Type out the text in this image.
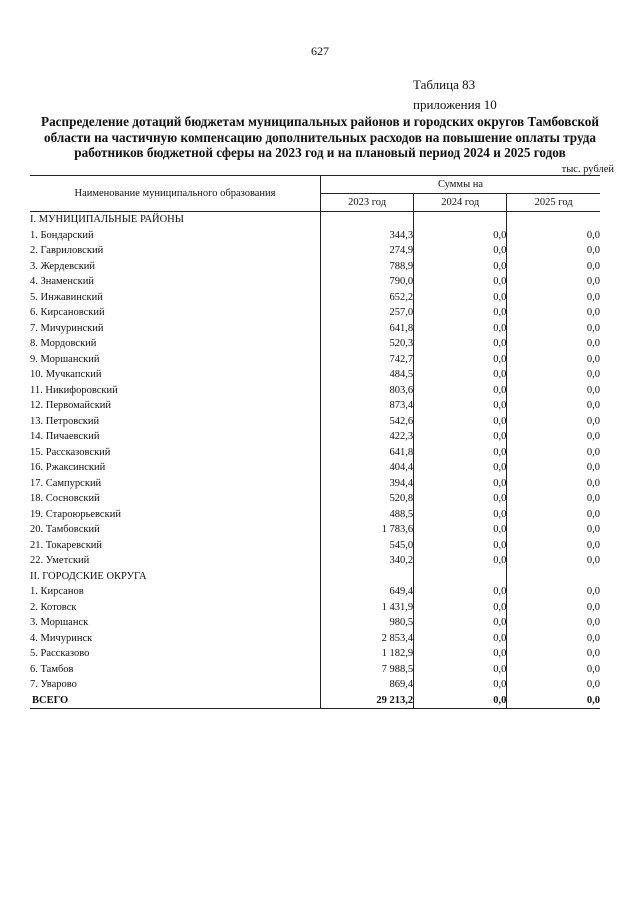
627
Таблица 83
приложения 10
Распределение дотаций бюджетам муниципальных районов и городских округов Тамбовской области на частичную компенсацию дополнительных расходов на повышение оплаты труда работников бюджетной сферы на 2023 год и на плановый период 2024 и 2025 годов
тыс. рублей
Наименование муниципального образования	Суммы на		
	2023 год	2024 год	2025 год
I. МУНИЦИПАЛЬНЫЕ РАЙОНЫ			
1. Бондарский	344,3	0,0	0,0
2. Гавриловский	274,9	0,0	0,0
3. Жердевский	788,9	0,0	0,0
4. Знаменский	790,0	0,0	0,0
5. Инжавинский	652,2	0,0	0,0
6. Кирсановский	257,0	0,0	0,0
7. Мичуринский	641,8	0,0	0,0
8. Мордовский	520,3	0,0	0,0
9. Моршанский	742,7	0,0	0,0
10. Мучкапский	484,5	0,0	0,0
11. Никифоровский	803,6	0,0	0,0
12. Первомайский	873,4	0,0	0,0
13. Петровский	542,6	0,0	0,0
14. Пичаевский	422,3	0,0	0,0
15. Рассказовский	641,8	0,0	0,0
16. Ржаксинский	404,4	0,0	0,0
17. Сампурский	394,4	0,0	0,0
18. Сосновский	520,8	0,0	0,0
19. Староюрьевский	488,5	0,0	0,0
20. Тамбовский	1 783,6	0,0	0,0
21. Токаревский	545,0	0,0	0,0
22. Уметский	340,2	0,0	0,0
II. ГОРОДСКИЕ ОКРУГА			
1. Кирсанов	649,4	0,0	0,0
2. Котовск	1 431,9	0,0	0,0
3. Моршанск	980,5	0,0	0,0
4. Мичуринск	2 853,4	0,0	0,0
5. Рассказово	1 182,9	0,0	0,0
6. Тамбов	7 988,5	0,0	0,0
7. Уварово	869,4	0,0	0,0
ВСЕГО	29 213,2	0,0	0,0
